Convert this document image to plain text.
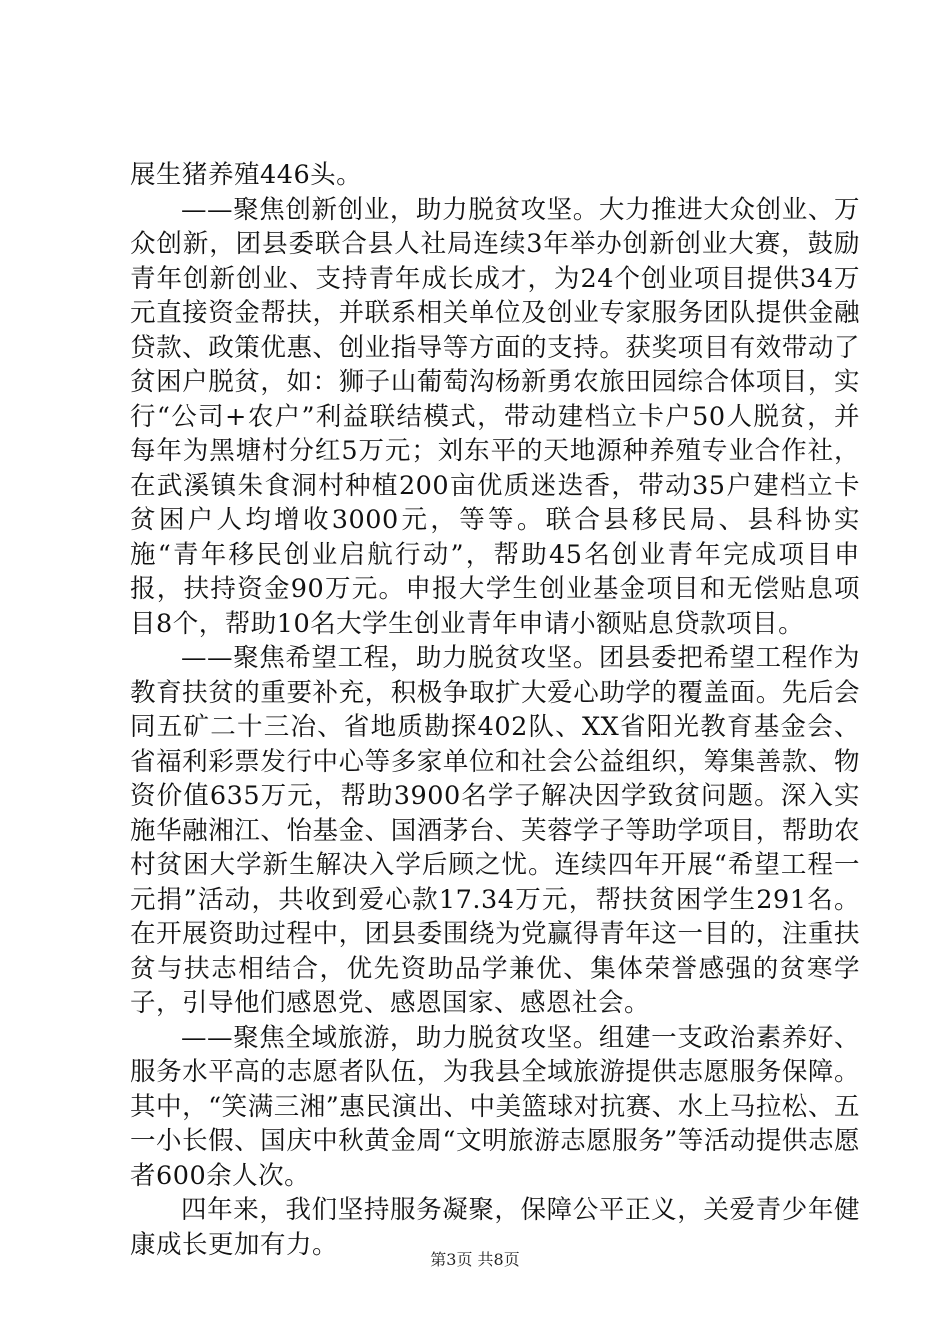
展生猪养殖446头。

——聚焦创新创业，助力脱贫攻坚。大力推进大众创业、万众创新，团县委联合县人社局连续3年举办创新创业大赛，鼓励青年创新创业、支持青年成长成才，为24个创业项目提供34万元直接资金帮扶，并联系相关单位及创业专家服务团队提供金融贷款、政策优惠、创业指导等方面的支持。获奖项目有效带动了贫困户脱贫，如：狮子山葡萄沟杨新勇农旅田园综合体项目，实行“公司+农户”利益联结模式，带动建档立卡户50人脱贫，并每年为黑塘村分红5万元；刘东平的天地源种养殖专业合作社，在武溪镇朱食洞村种植200亩优质迷迭香，带动35户建档立卡贫困户人均增收3000元，等等。联合县移民局、县科协实施“青年移民创业启航行动”，帮助45名创业青年完成项目申报，扶持资金90万元。申报大学生创业基金项目和无偿贴息项目8个，帮助10名大学生创业青年申请小额贴息贷款项目。

——聚焦希望工程，助力脱贫攻坚。团县委把希望工程作为教育扶贫的重要补充，积极争取扩大爱心助学的覆盖面。先后会同五矿二十三冶、省地质勘探402队、XX省阳光教育基金会、省福利彩票发行中心等多家单位和社会公益组织，筹集善款、物资价值635万元，帮助3900名学子解决因学致贫问题。深入实施华融湘江、怡基金、国酒茅台、芙蓉学子等助学项目，帮助农村贫困大学新生解决入学后顾之忧。连续四年开展“希望工程一元捐”活动，共收到爱心款17.34万元，帮扶贫困学生291名。在开展资助过程中，团县委围绕为党赢得青年这一目的，注重扶贫与扶志相结合，优先资助品学兼优、集体荣誉感强的贫寒学子，引导他们感恩党、感恩国家、感恩社会。

——聚焦全域旅游，助力脱贫攻坚。组建一支政治素养好、服务水平高的志愿者队伍，为我县全域旅游提供志愿服务保障。其中，“笑满三湘”惠民演出、中美篮球对抗赛、水上马拉松、五一小长假、国庆中秋黄金周“文明旅游志愿服务”等活动提供志愿者600余人次。

四年来，我们坚持服务凝聚，保障公平正义，关爱青少年健康成长更加有力。	第3页 共8页
